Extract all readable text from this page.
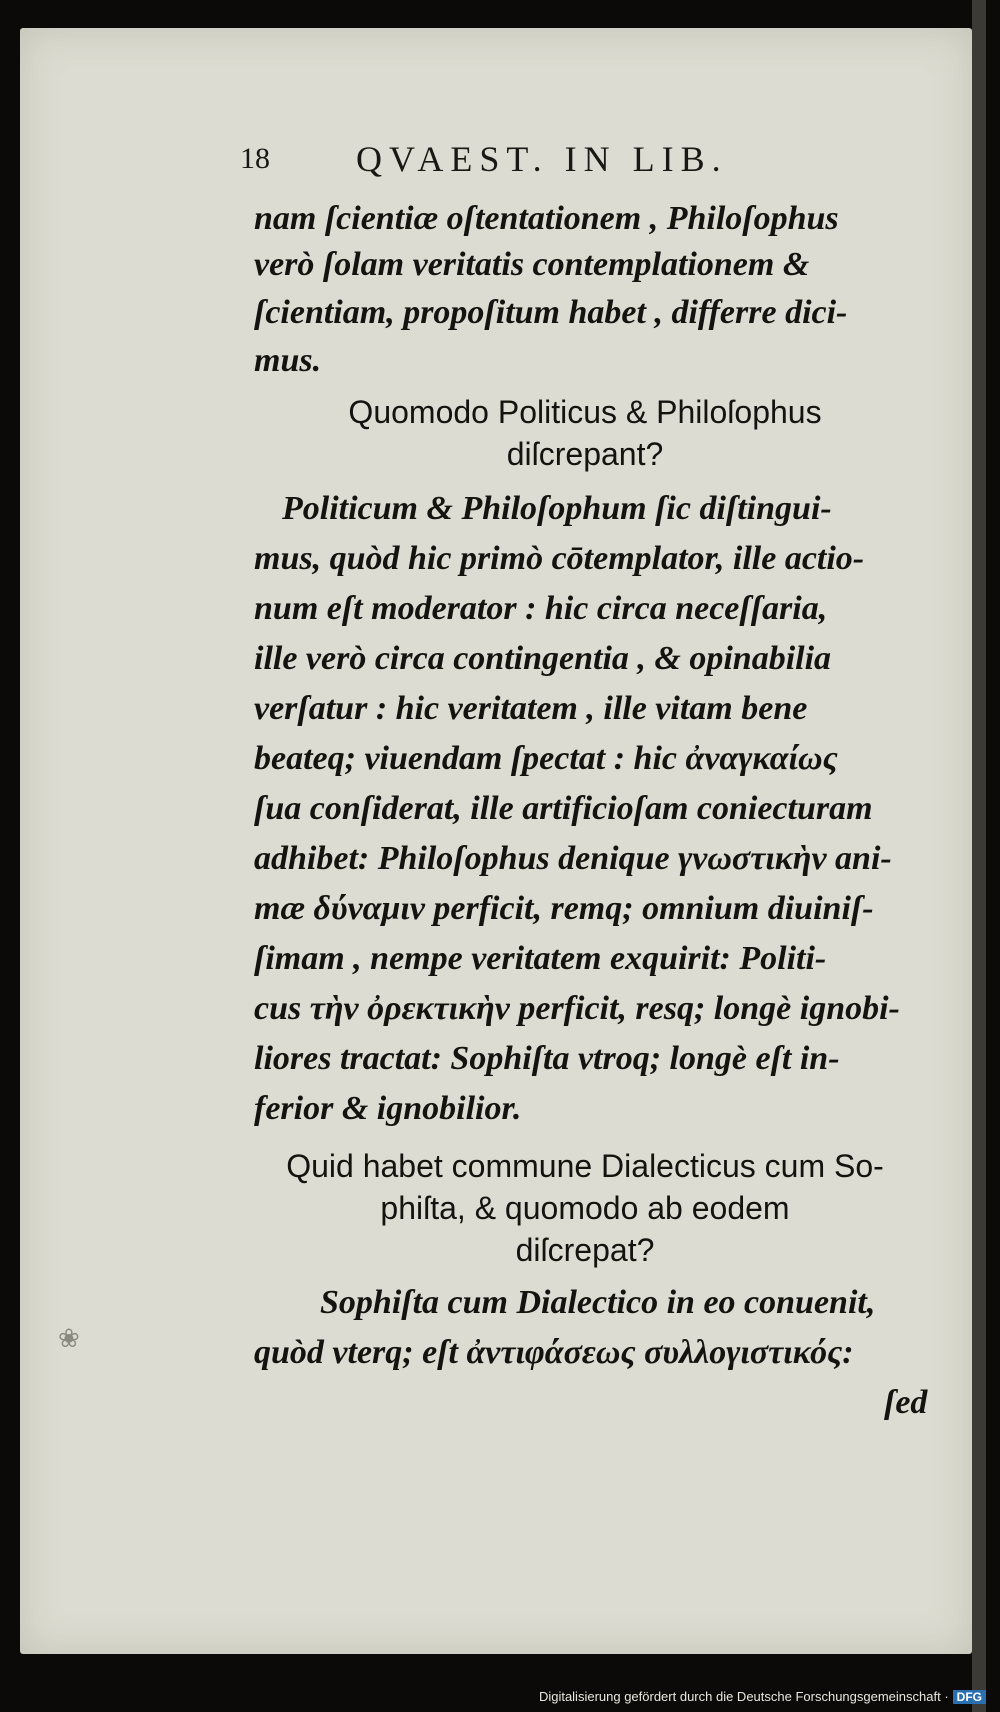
18 QVAEST. IN LIB.
nam ſcientiæ oſtentationem , Philoſophus
verò ſolam veritatis contemplationem &
ſcientiam, propoſitum habet , differre dici-
mus.
Quomodo Politicus & Philoſophus
diſcrepant?
Politicum & Philoſophum ſic diſtingui-
mus, quòd hic primò cōtemplator, ille actio-
num eſt moderator : hic circa neceſſaria,
ille verò circa contingentia , & opinabilia
verſatur : hic veritatem , ille vitam bene
beateq; viuendam ſpectat : hic ἀναγκαίως
ſua conſiderat, ille artificioſam coniecturam
adhibet: Philoſophus denique γνωστικὴν ani-
mæ δύναμιν perficit, remq; omnium diuiniſ-
ſimam , nempe veritatem exquirit: Politi-
cus τὴν ὀρεκτικὴν perficit, resq; longè ignobi-
liores tractat: Sophiſta vtroq; longè eſt in-
ferior & ignobilior.
Quid habet commune Dialecticus cum So-
phiſta, & quomodo ab eodem
diſcrepat?
Sophiſta cum Dialectico in eo conuenit,
quòd vterq; eſt ἀντιφάσεως συλλογιστικός:
ſed
❀
Digitalisierung gefördert durch die Deutsche Forschungsgemeinschaft · DFG
